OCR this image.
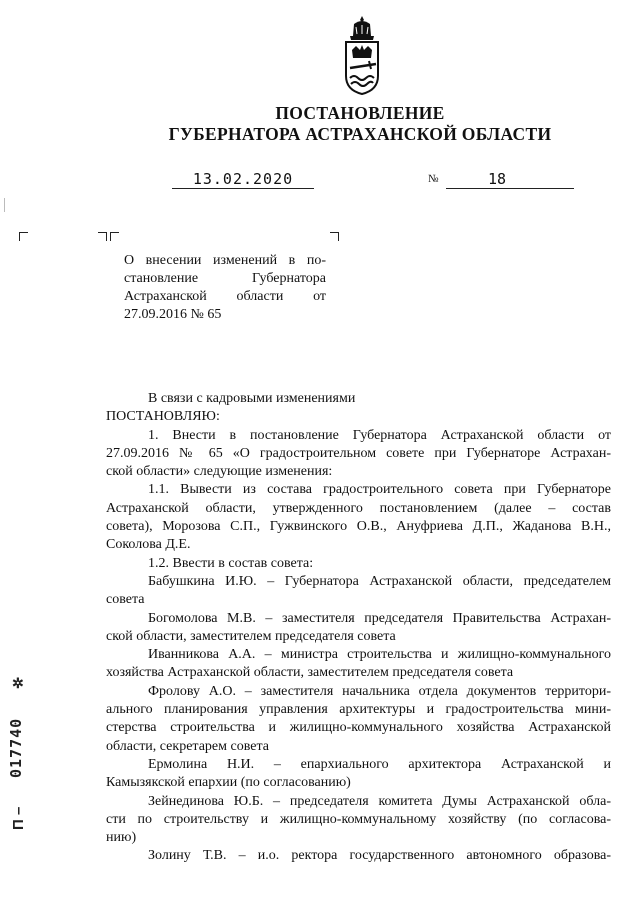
ПОСТАНОВЛЕНИЕ
ГУБЕРНАТОРА АСТРАХАНСКОЙ ОБЛАСТИ
13.02.2020	№	18
О внесении изменений в по-
становление Губернатора
Астраханской области от
27.09.2016 № 65
В связи с кадровыми изменениями
ПОСТАНОВЛЯЮ:
1. Внести в постановление Губернатора Астраханской области от
27.09.2016 № 65 «О градостроительном совете при Губернаторе Астрахан-
ской области» следующие изменения:
1.1. Вывести из состава градостроительного совета при Губернаторе
Астраханской области, утвержденного постановлением (далее – состав
совета), Морозова С.П., Гужвинского О.В., Ануфриева Д.П., Жаданова В.Н.,
Соколова Д.Е.
1.2. Ввести в состав совета:
Бабушкина И.Ю. – Губернатора Астраханской области, председателем
совета
Богомолова М.В. – заместителя председателя Правительства Астрахан-
ской области, заместителем председателя совета
Иванникова А.А. – министра строительства и жилищно-коммунального
хозяйства Астраханской области, заместителем председателя совета
Фролову А.О. – заместителя начальника отдела документов территори-
ального планирования управления архитектуры и градостроительства мини-
стерства строительства и жилищно-коммунального хозяйства Астраханской
области, секретарем совета
Ермолина Н.И. – епархиального архитектора Астраханской и
Камызякской епархии (по согласованию)
Зейнединова Ю.Б. – председателя комитета Думы Астраханской обла-
сти по строительству и жилищно-коммунальному хозяйству (по согласова-
нию)
Золину Т.В. – и.о. ректора государственного автономного образова-
✲
017740
П –
